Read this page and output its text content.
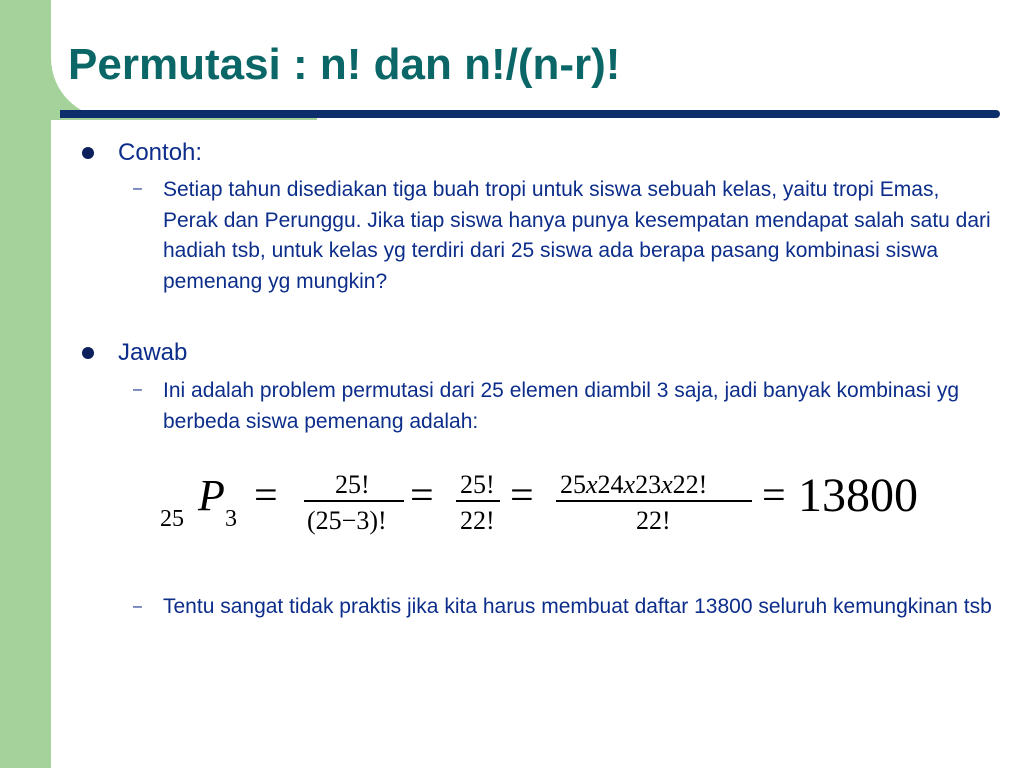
Permutasi : n! dan n!/(n-r)!
Contoh:
– Setiap tahun disediakan tiga buah tropi untuk siswa sebuah kelas, yaitu tropi Emas, Perak dan Perunggu. Jika tiap siswa hanya punya kesempatan mendapat salah satu dari hadiah tsb, untuk kelas yg terdiri dari 25 siswa ada berapa pasang kombinasi siswa pemenang yg mungkin?
Jawab
– Ini adalah problem permutasi dari 25 elemen diambil 3 saja, jadi banyak kombinasi yg berbeda siswa pemenang adalah:
25 P 3 = 25!
(25−3)!
= 25!
22!
= 25x24x23x22!
22!
= 13800
– Tentu sangat tidak praktis jika kita harus membuat daftar 13800 seluruh kemungkinan tsb
